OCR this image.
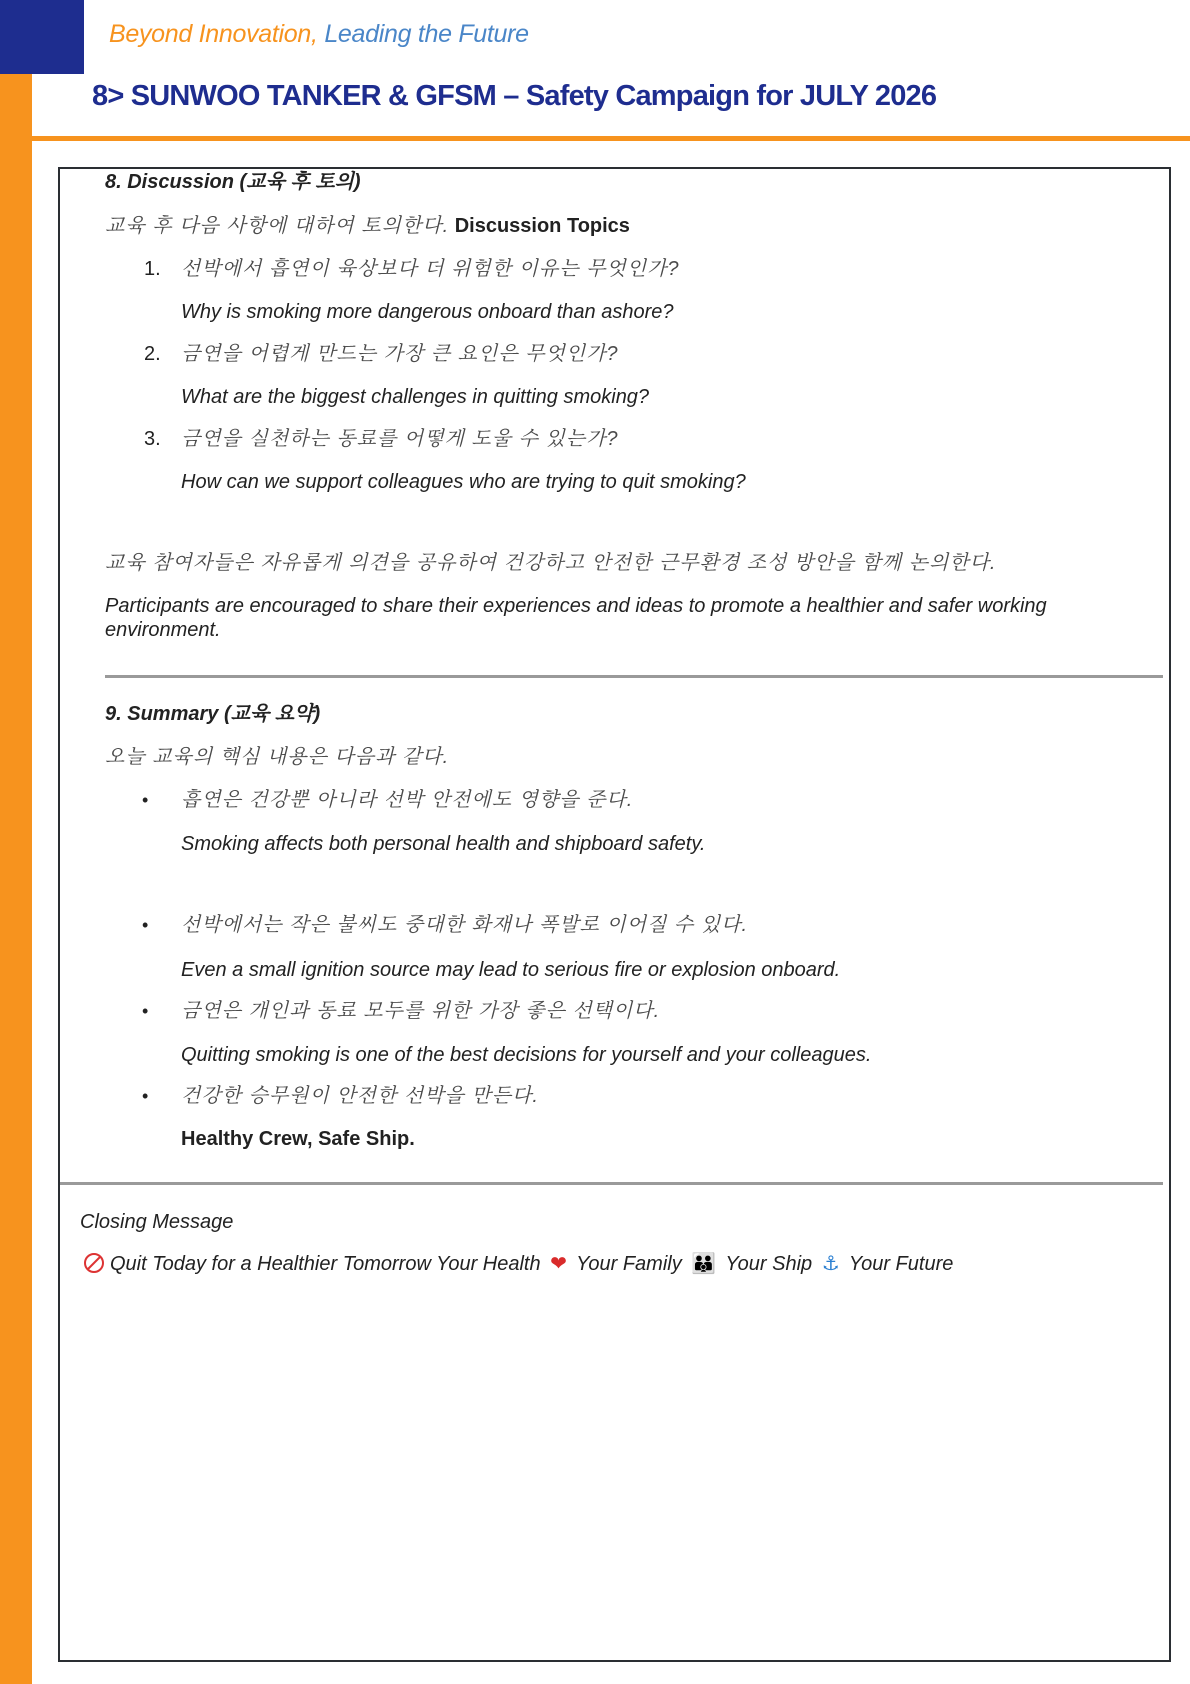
Beyond Innovation, Leading the Future
8> SUNWOO TANKER & GFSM – Safety Campaign for JULY 2026
8. Discussion (교육 후 토의)
교육 후 다음 사항에 대하여 토의한다. Discussion Topics
1. 선박에서 흡연이 육상보다 더 위험한 이유는 무엇인가?
Why is smoking more dangerous onboard than ashore?
2. 금연을 어렵게 만드는 가장 큰 요인은 무엇인가?
What are the biggest challenges in quitting smoking?
3. 금연을 실천하는 동료를 어떻게 도울 수 있는가?
How can we support colleagues who are trying to quit smoking?
교육 참여자들은 자유롭게 의견을 공유하여 건강하고 안전한 근무환경 조성 방안을 함께 논의한다.
Participants are encouraged to share their experiences and ideas to promote a healthier and safer working
environment.
9. Summary (교육 요약)
오늘 교육의 핵심 내용은 다음과 같다.
• 흡연은 건강뿐 아니라 선박 안전에도 영향을 준다.
Smoking affects both personal health and shipboard safety.
• 선박에서는 작은 불씨도 중대한 화재나 폭발로 이어질 수 있다.
Even a small ignition source may lead to serious fire or explosion onboard.
• 금연은 개인과 동료 모두를 위한 가장 좋은 선택이다.
Quitting smoking is one of the best decisions for yourself and your colleagues.
• 건강한 승무원이 안전한 선박을 만든다.
Healthy Crew, Safe Ship.
Closing Message
Quit Today for a Healthier Tomorrow Your Health ❤ Your Family 👪 Your Ship ⚓ Your Future
